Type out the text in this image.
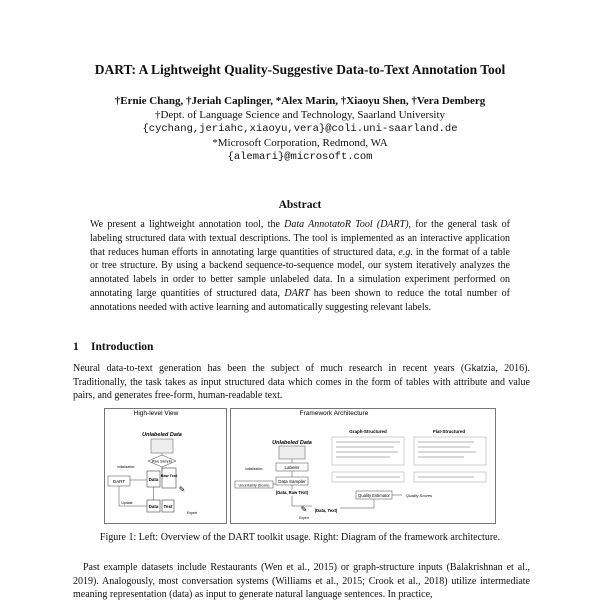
DART: A Lightweight Quality-Suggestive Data-to-Text Annotation Tool
†Ernie Chang, †Jeriah Caplinger, *Alex Marin, †Xiaoyu Shen, †Vera Demberg
†Dept. of Language Science and Technology, Saarland University
{cychang,jeriahc,xiaoyu,vera}@coli.uni-saarland.de
*Microsoft Corporation, Redmond, WA
{alemari}@microsoft.com
Abstract
We present a lightweight annotation tool, the Data AnnotatoR Tool (DART), for the general task of labeling structured data with textual descriptions. The tool is implemented as an interactive application that reduces human efforts in annotating large quantities of structured data, e.g. in the format of a table or tree structure. By using a backend sequence-to-sequence model, our system iteratively analyzes the annotated labels in order to better sample unlabeled data. In a simulation experiment performed on annotating large quantities of structured data, DART has been shown to reduce the total number of annotations needed with active learning and automatically suggesting relevant labels.
1 Introduction
Neural data-to-text generation has been the subject of much research in recent years (Gkatzia, 2016). Traditionally, the task takes as input structured data which comes in the form of tables with attribute and value pairs, and generates free-form, human-readable text.
High-level View
Unlabeled Data
Raw Sample
Data
Raw Text
DART
initialization
Data Text
✎
Expert
Update
Framework Architecture
Unlabeled Data
initialization	Labeler
Data Sampler
Uncertainty (Score)
(Data, Raw Text)
✎
Expert
(Data, Text)
Quality Estimator	Quality Scores
Graph-Structured	Flat-Structured
Figure 1: Left: Overview of the DART toolkit usage. Right: Diagram of the framework architecture.
Past example datasets include Restaurants (Wen et al., 2015) or graph-structure inputs (Balakrishnan et al., 2019). Analogously, most conversation systems (Williams et al., 2015; Crook et al., 2018) utilize intermediate meaning representation (data) as input to generate natural language sentences. In practice,
